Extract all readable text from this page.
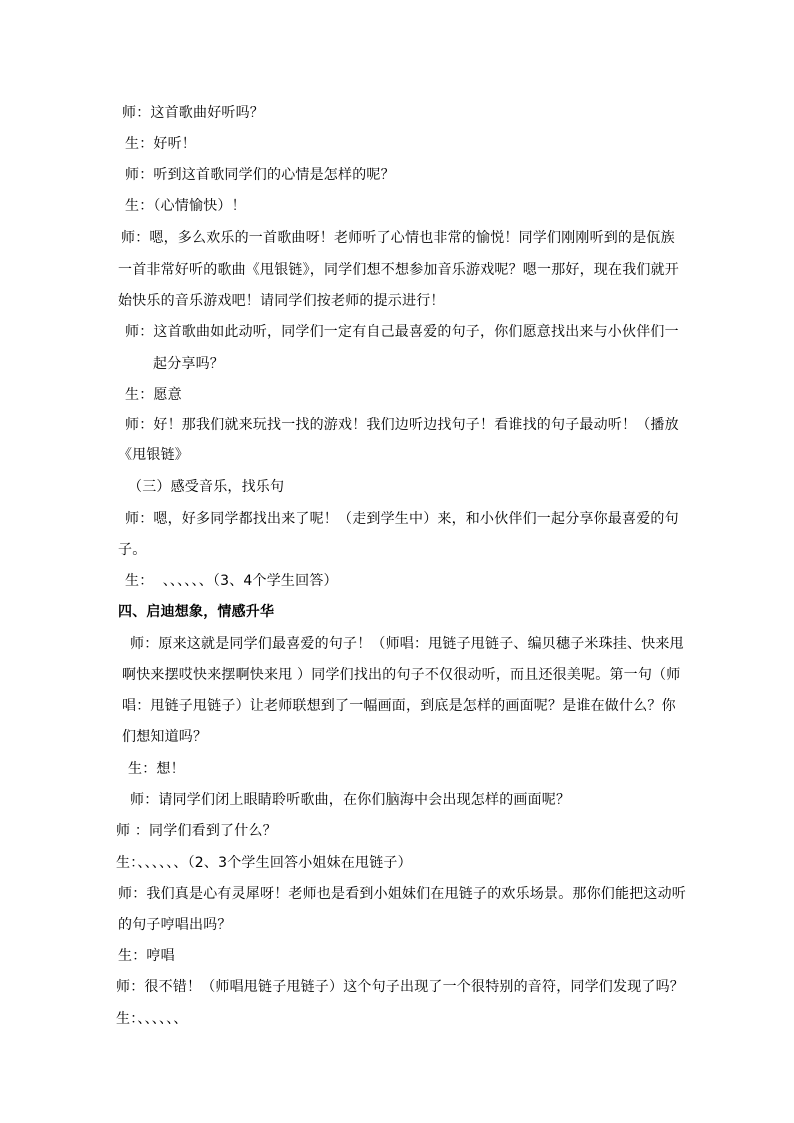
师：这首歌曲好听吗？
生：好听！
师：听到这首歌同学们的心情是怎样的呢？
生：（心情愉快）！
师：嗯，多么欢乐的一首歌曲呀！老师听了心情也非常的愉悦！同学们刚刚听到的是佤族
一首非常好听的歌曲《甩银链》，同学们想不想参加音乐游戏呢？嗯一那好，现在我们就开
始快乐的音乐游戏吧！请同学们按老师的提示进行！
师：这首歌曲如此动听，同学们一定有自己最喜爱的句子，你们愿意找出来与小伙伴们一
起分享吗？
生：愿意
师：好！那我们就来玩找一找的游戏！我们边听边找句子！看谁找的句子最动听！（播放
《甩银链》
（三）感受音乐，找乐句
师：嗯，好多同学都找出来了呢！（走到学生中）来，和小伙伴们一起分享你最喜爱的句
子。
生：  、、、、、、（3、4个学生回答）
四、启迪想象，情感升华
师：原来这就是同学们最喜爱的句子！（师唱：甩链子甩链子、编贝穗子米珠挂、快来甩
啊快来摆哎快来摆啊快来甩 ）同学们找出的句子不仅很动听，而且还很美呢。第一句（师
唱：甩链子甩链子）让老师联想到了一幅画面，到底是怎样的画面呢？是谁在做什么？你
们想知道吗？
生：想！
师：请同学们闭上眼睛聆听歌曲，在你们脑海中会出现怎样的画面呢？
师 ：同学们看到了什么？
生：、、、、、、（2、3个学生回答小姐妹在甩链子）
师：我们真是心有灵犀呀！老师也是看到小姐妹们在甩链子的欢乐场景。那你们能把这动听
的句子哼唱出吗？
生：哼唱
师：很不错！（师唱甩链子甩链子）这个句子出现了一个很特别的音符，同学们发现了吗？
生：、、、、、、
